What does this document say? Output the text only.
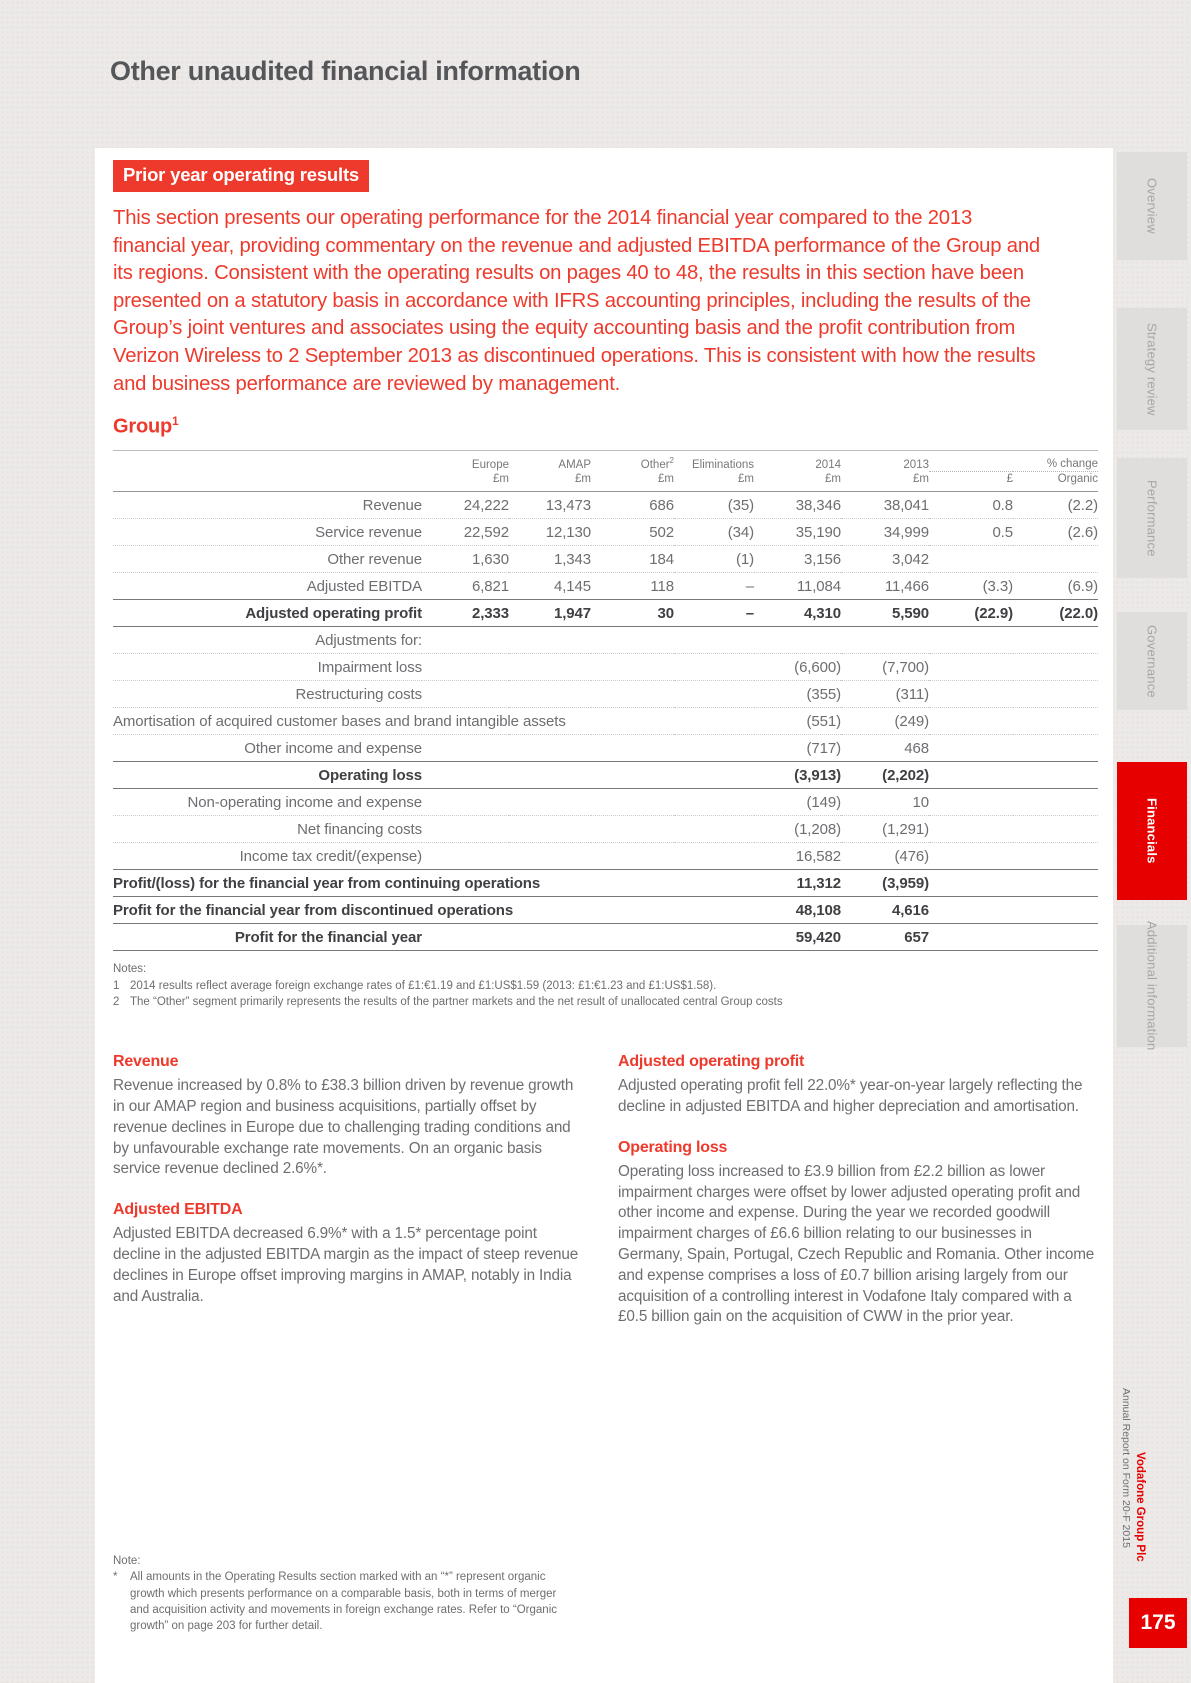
Other unaudited financial information
Prior year operating results

This section presents our operating performance for the 2014 financial year compared to the 2013 financial year, providing commentary on the revenue and adjusted EBITDA performance of the Group and its regions. Consistent with the operating results on pages 40 to 48, the results in this section have been presented on a statutory basis in accordance with IFRS accounting principles, including the results of the Group’s joint ventures and associates using the equity accounting basis and the profit contribution from Verizon Wireless to 2 September 2013 as discontinued operations. This is consistent with how the results and business performance are reviewed by management.

Group$^1$
	Europe	AMAP	Other$^2$	Eliminations	2014	2013	% change	
	£m	£m	£m	£m	£m	£m	£	Organic
Revenue	24,222	13,473	686	(35)	38,346	38,041	0.8	(2.2)
Service revenue	22,592	12,130	502	(34)	35,190	34,999	0.5	(2.6)
Other revenue	1,630	1,343	184	(1)	3,156	3,042		
Adjusted EBITDA	6,821	4,145	118	–	11,084	11,466	(3.3)	(6.9)
Adjusted operating profit	2,333	1,947	30	–	4,310	5,590	(22.9)	(22.0)
Adjustments for:								
Impairment loss					(6,600)	(7,700)		
Restructuring costs					(355)	(311)		
Amortisation of acquired customer bases and brand intangible assets					(551)	(249)		
Other income and expense					(717)	468		
Operating loss					(3,913)	(2,202)		
Non-operating income and expense					(149)	10		
Net financing costs					(1,208)	(1,291)		
Income tax credit/(expense)					16,582	(476)		
Profit/(loss) for the financial year from continuing operations					11,312	(3,959)		
Profit for the financial year from discontinued operations					48,108	4,616		
Profit for the financial year					59,420	657		
Notes:
1 2014 results reflect average foreign exchange rates of £1:€1.19 and £1:US$1.59 (2013: £1:€1.23 and £1:US$1.58).
2 The “Other” segment primarily represents the results of the partner markets and the net result of unallocated central Group costs
Revenue

Revenue increased by 0.8% to £38.3 billion driven by revenue growth in our AMAP region and business acquisitions, partially offset by revenue declines in Europe due to challenging trading conditions and by unfavourable exchange rate movements. On an organic basis service revenue declined 2.6%*.

Adjusted EBITDA

Adjusted EBITDA decreased 6.9%* with a 1.5* percentage point decline in the adjusted EBITDA margin as the impact of steep revenue declines in Europe offset improving margins in AMAP, notably in India and Australia.

Adjusted operating profit

Adjusted operating profit fell 22.0%* year-on-year largely reflecting the decline in adjusted EBITDA and higher depreciation and amortisation.

Operating loss

Operating loss increased to £3.9 billion from £2.2 billion as lower impairment charges were offset by lower adjusted operating profit and other income and expense. During the year we recorded goodwill impairment charges of £6.6 billion relating to our businesses in Germany, Spain, Portugal, Czech Republic and Romania. Other income and expense comprises a loss of £0.7 billion arising largely from our acquisition of a controlling interest in Vodafone Italy compared with a £0.5 billion gain on the acquisition of CWW in the prior year.

Note:
*	All amounts in the Operating Results section marked with an “*” represent organic growth which presents performance on a comparable basis, both in terms of merger and acquisition activity and movements in foreign exchange rates. Refer to “Organic growth” on page 203 for further detail.
Overview
Strategy review
Performance
Governance
Financials
Additional information
Annual Report on Form 20-F 2015 Vodafone Group Plc
175
